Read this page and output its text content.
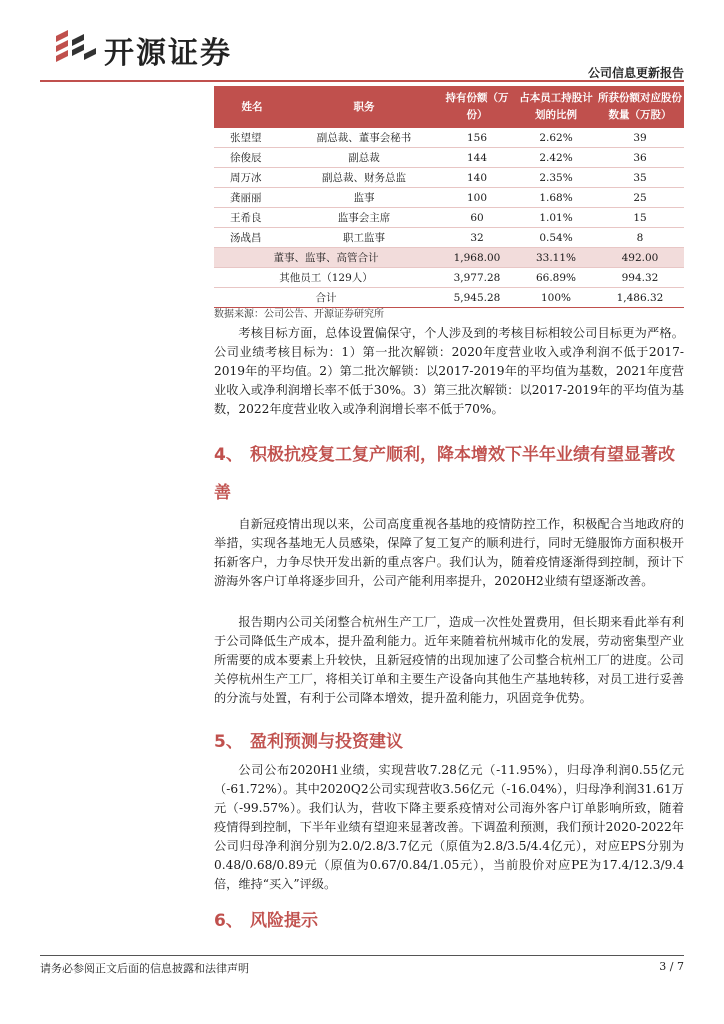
开源证券
公司信息更新报告
姓名	职务	持有份额（万份）	占本员工持股计划的比例	所获份额对应股份数量（万股）
张望望	副总裁、董事会秘书	156	2.62%	39
徐俊辰	副总裁	144	2.42%	36
周万冰	副总裁、财务总监	140	2.35%	35
龚丽丽	监事	100	1.68%	25
王希良	监事会主席	60	1.01%	15
汤战昌	职工监事	32	0.54%	8
董事、监事、高管合计		1,968.00	33.11%	492.00
其他员工（129人）		3,977.28	66.89%	994.32
合计		5,945.28	100%	1,486.32
数据来源：公司公告、开源证券研究所

考核目标方面，总体设置偏保守，个人涉及到的考核目标相较公司目标更为严格。公司业绩考核目标为：1）第一批次解锁：2020年度营业收入或净利润不低于2017-2019年的平均值。2）第二批次解锁：以2017-2019年的平均值为基数，2021年度营业收入或净利润增长率不低于30%。3）第三批次解锁：以2017-2019年的平均值为基数，2022年度营业收入或净利润增长率不低于70%。

4、 积极抗疫复工复产顺利，降本增效下半年业绩有望显著改善

自新冠疫情出现以来，公司高度重视各基地的疫情防控工作，积极配合当地政府的举措，实现各基地无人员感染，保障了复工复产的顺利进行，同时无缝服饰方面积极开拓新客户，力争尽快开发出新的重点客户。我们认为，随着疫情逐渐得到控制，预计下游海外客户订单将逐步回升，公司产能利用率提升，2020H2业绩有望逐渐改善。

报告期内公司关闭整合杭州生产工厂，造成一次性处置费用，但长期来看此举有利于公司降低生产成本，提升盈利能力。近年来随着杭州城市化的发展，劳动密集型产业所需要的成本要素上升较快，且新冠疫情的出现加速了公司整合杭州工厂的进度。公司关停杭州生产工厂，将相关订单和主要生产设备向其他生产基地转移，对员工进行妥善的分流与处置，有利于公司降本增效，提升盈利能力，巩固竞争优势。

5、 盈利预测与投资建议

公司公布2020H1业绩，实现营收7.28亿元（-11.95%），归母净利润0.55亿元（-61.72%）。其中2020Q2公司实现营收3.56亿元（-16.04%），归母净利润31.61万元（-99.57%）。我们认为，营收下降主要系疫情对公司海外客户订单影响所致，随着疫情得到控制，下半年业绩有望迎来显著改善。下调盈利预测，我们预计2020-2022年公司归母净利润分别为2.0/2.8/3.7亿元（原值为2.8/3.5/4.4亿元），对应EPS分别为0.48/0.68/0.89元（原值为0.67/0.84/1.05元），当前股价对应PE为17.4/12.3/9.4倍，维持“买入”评级。

6、 风险提示
请务必参阅正文后面的信息披露和法律声明	3 / 7
